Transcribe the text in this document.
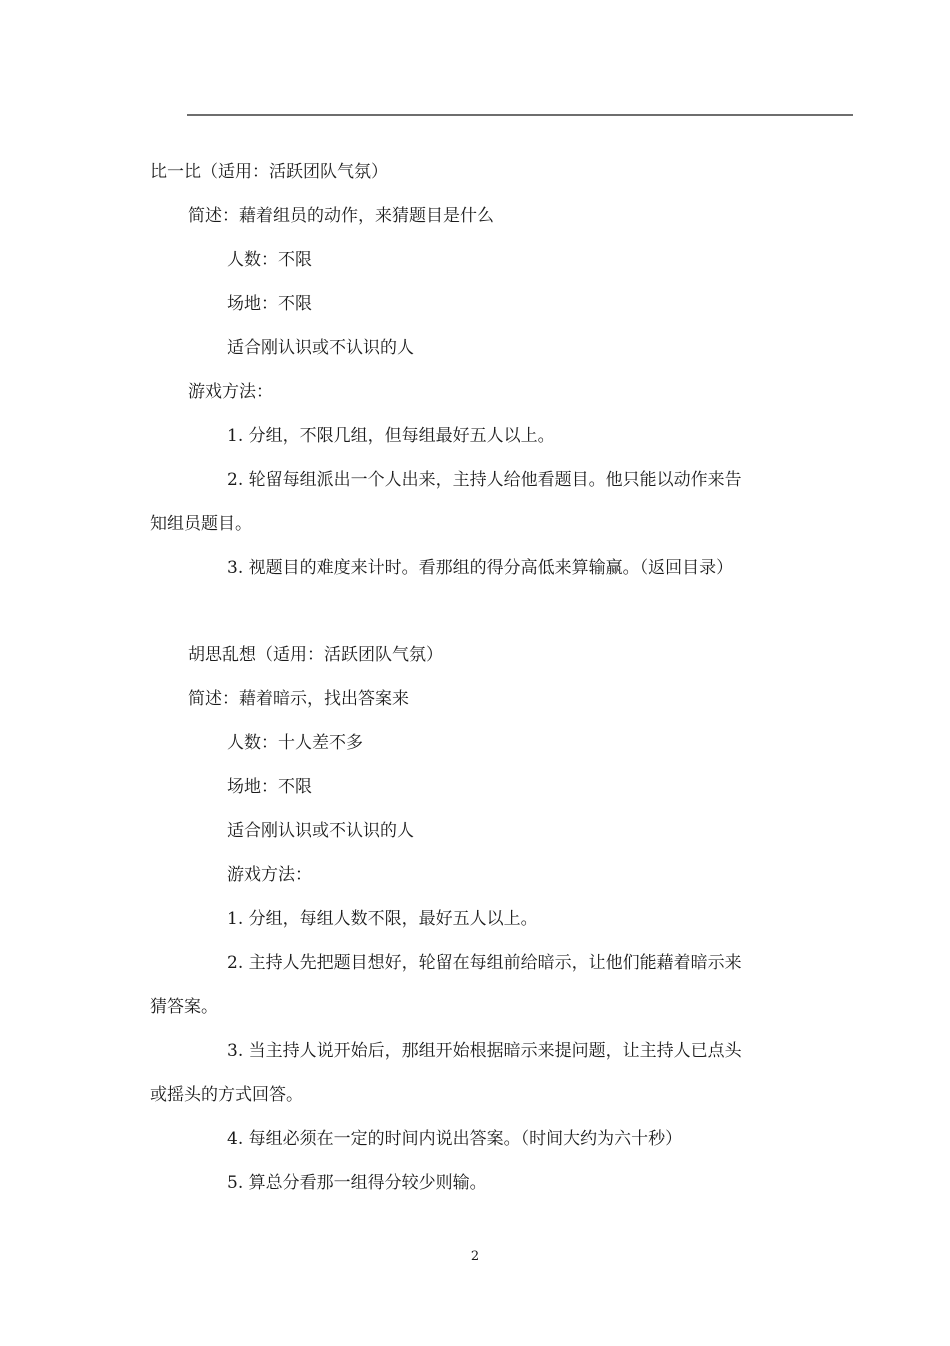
比一比（适用：活跃团队气氛）
简述：藉着组员的动作，来猜题目是什么
人数：不限
场地：不限
适合刚认识或不认识的人
游戏方法：
1. 分组，不限几组，但每组最好五人以上。
2. 轮留每组派出一个人出来，主持人给他看题目。他只能以动作来告
知组员题目。
3. 视题目的难度来计时。看那组的得分高低来算输赢。（返回目录）
胡思乱想（适用：活跃团队气氛）
简述：藉着暗示，找出答案来
人数：十人差不多
场地：不限
适合刚认识或不认识的人
游戏方法：
1. 分组，每组人数不限，最好五人以上。
2. 主持人先把题目想好，轮留在每组前给暗示，让他们能藉着暗示来
猜答案。
3. 当主持人说开始后，那组开始根据暗示来提问题，让主持人已点头
或摇头的方式回答。
4. 每组必须在一定的时间内说出答案。（时间大约为六十秒）
5. 算总分看那一组得分较少则输。
2
